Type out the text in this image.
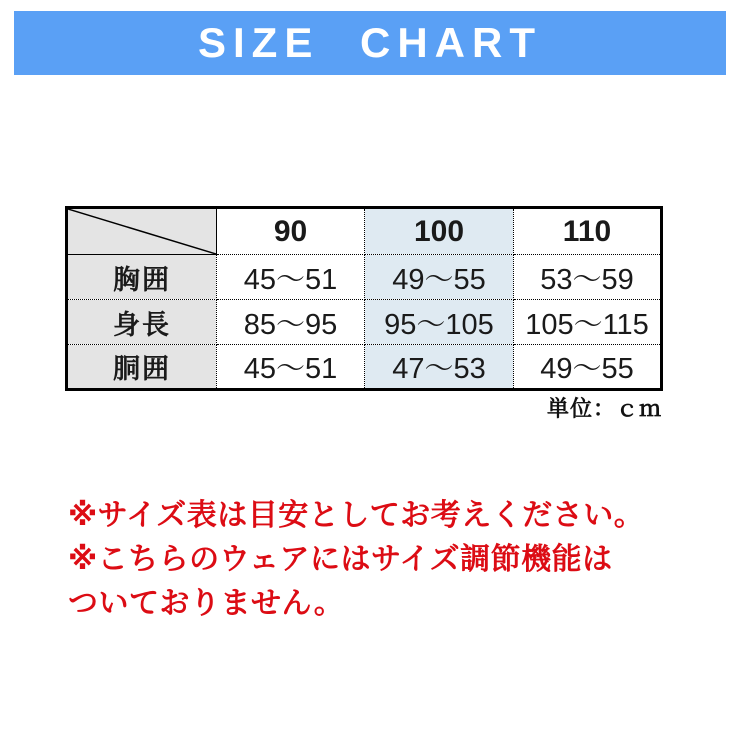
SIZE CHART
	90	100	110
胸囲	45〜51	49〜55	53〜59
身長	85〜95	95〜105	105〜115
胴囲	45〜51	47〜53	49〜55
単位：ｃｍ
※サイズ表は目安としてお考えください。
※こちらのウェアにはサイズ調節機能は
ついておりません。
